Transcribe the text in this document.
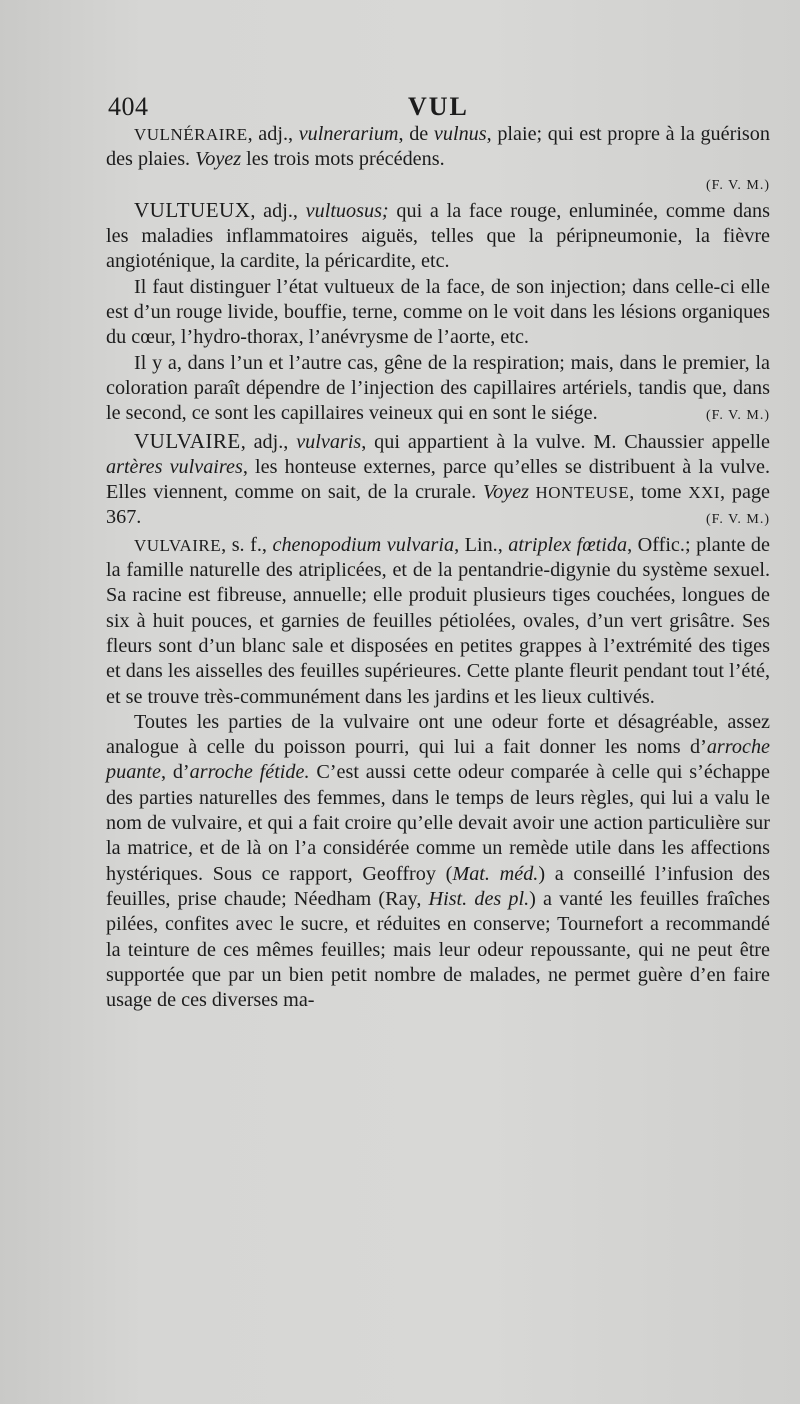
404	VUL

VULNÉRAIRE, adj., vulnerarium, de vulnus, plaie; qui est propre à la guérison des plaies. Voyez les trois mots précédens.

(F. V. M.)

VULTUEUX, adj., vultuosus; qui a la face rouge, enluminée, comme dans les maladies inflammatoires aiguës, telles que la péripneumonie, la fièvre angioténique, la cardite, la péricardite, etc.

Il faut distinguer l’état vultueux de la face, de son injection; dans celle-ci elle est d’un rouge livide, bouffie, terne, comme on le voit dans les lésions organiques du cœur, l’hydro-thorax, l’anévrysme de l’aorte, etc.

Il y a, dans l’un et l’autre cas, gêne de la respiration; mais, dans le premier, la coloration paraît dépendre de l’injection des capillaires artériels, tandis que, dans le second, ce sont les capillaires veineux qui en sont le siége.	(F. V. M.)

VULVAIRE, adj., vulvaris, qui appartient à la vulve. M. Chaussier appelle artères vulvaires, les honteuse externes, parce qu’elles se distribuent à la vulve. Elles viennent, comme on sait, de la crurale. Voyez HONTEUSE, tome XXI, page 367.	(F. V. M.)

VULVAIRE, s. f., chenopodium vulvaria, Lin., atriplex fœtida, Offic.; plante de la famille naturelle des atriplicées, et de la pentandrie-digynie du système sexuel. Sa racine est fibreuse, annuelle; elle produit plusieurs tiges couchées, longues de six à huit pouces, et garnies de feuilles pétiolées, ovales, d’un vert grisâtre. Ses fleurs sont d’un blanc sale et disposées en petites grappes à l’extrémité des tiges et dans les aisselles des feuilles supérieures. Cette plante fleurit pendant tout l’été, et se trouve très-communément dans les jardins et les lieux cultivés.

Toutes les parties de la vulvaire ont une odeur forte et désagréable, assez analogue à celle du poisson pourri, qui lui a fait donner les noms d’arroche puante, d’arroche fétide. C’est aussi cette odeur comparée à celle qui s’échappe des parties naturelles des femmes, dans le temps de leurs règles, qui lui a valu le nom de vulvaire, et qui a fait croire qu’elle devait avoir une action particulière sur la matrice, et de là on l’a considérée comme un remède utile dans les affections hystériques. Sous ce rapport, Geoffroy (Mat. méd.) a conseillé l’infusion des feuilles, prise chaude; Néedham (Ray, Hist. des pl.) a vanté les feuilles fraîches pilées, confites avec le sucre, et réduites en conserve; Tournefort a recommandé la teinture de ces mêmes feuilles; mais leur odeur repoussante, qui ne peut être supportée que par un bien petit nombre de malades, ne permet guère d’en faire usage de ces diverses ma-
